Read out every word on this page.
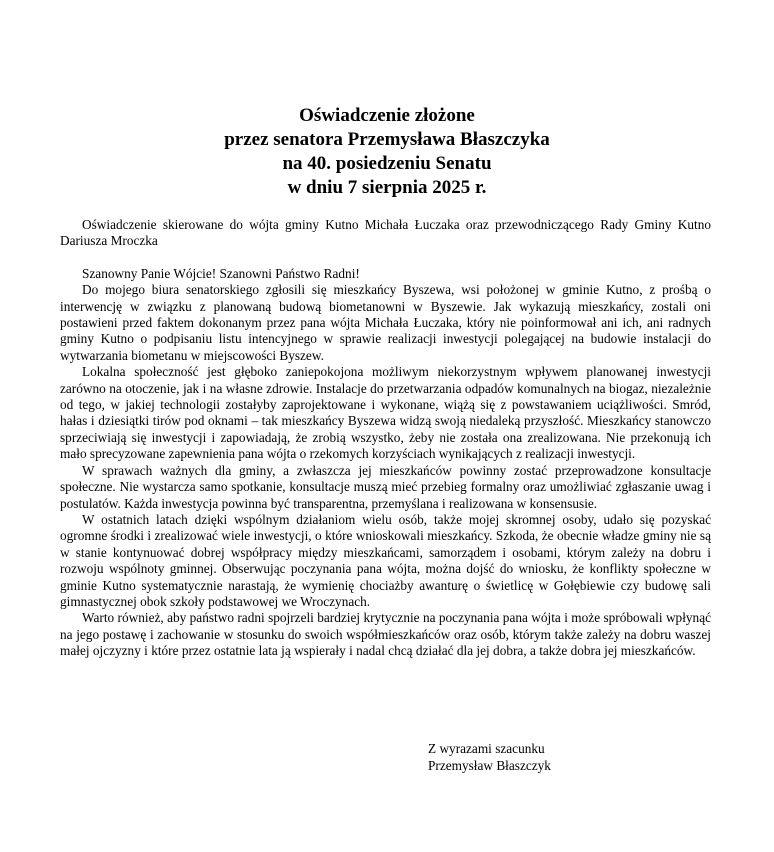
Oświadczenie złożone
przez senatora Przemysława Błaszczyka
na 40. posiedzeniu Senatu
w dniu 7 sierpnia 2025 r.

Oświadczenie skierowane do wójta gminy Kutno Michała Łuczaka oraz przewodniczącego Rady Gminy Kutno Dariusza Mroczka

Szanowny Panie Wójcie! Szanowni Państwo Radni!

Do mojego biura senatorskiego zgłosili się mieszkańcy Byszewa, wsi położonej w gminie Kutno, z prośbą o interwencję w związku z planowaną budową biometanowni w Byszewie. Jak wykazują mieszkańcy, zostali oni postawieni przed faktem dokonanym przez pana wójta Michała Łuczaka, który nie poinformował ani ich, ani radnych gminy Kutno o podpisaniu listu intencyjnego w sprawie realizacji inwestycji polegającej na budowie instalacji do wytwarzania biometanu w miejscowości Byszew.

Lokalna społeczność jest głęboko zaniepokojona możliwym niekorzystnym wpływem planowanej inwestycji zarówno na otoczenie, jak i na własne zdrowie. Instalacje do przetwarzania odpadów komunalnych na biogaz, niezależnie od tego, w jakiej technologii zostałyby zaprojektowane i wykonane, wiążą się z powstawaniem uciążliwości. Smród, hałas i dziesiątki tirów pod oknami – tak mieszkańcy Byszewa widzą swoją niedaleką przyszłość. Mieszkańcy stanowczo sprzeciwiają się inwestycji i zapowiadają, że zrobią wszystko, żeby nie została ona zrealizowana. Nie przekonują ich mało sprecyzowane zapewnienia pana wójta o rzekomych korzyściach wynikających z realizacji inwestycji.

W sprawach ważnych dla gminy, a zwłaszcza jej mieszkańców powinny zostać przeprowadzone konsultacje społeczne. Nie wystarcza samo spotkanie, konsultacje muszą mieć przebieg formalny oraz umożliwiać zgłaszanie uwag i postulatów. Każda inwestycja powinna być transparentna, przemyślana i realizowana w konsensusie.

W ostatnich latach dzięki wspólnym działaniom wielu osób, także mojej skromnej osoby, udało się pozyskać ogromne środki i zrealizować wiele inwestycji, o które wnioskowali mieszkańcy. Szkoda, że obecnie władze gminy nie są w stanie kontynuować dobrej współpracy między mieszkańcami, samorządem i osobami, którym zależy na dobru i rozwoju wspólnoty gminnej. Obserwując poczynania pana wójta, można dojść do wniosku, że konflikty społeczne w gminie Kutno systematycznie narastają, że wymienię chociażby awanturę o świetlicę w Gołębiewie czy budowę sali gimnastycznej obok szkoły podstawowej we Wroczynach.

Warto również, aby państwo radni spojrzeli bardziej krytycznie na poczynania pana wójta i może spróbowali wpłynąć na jego postawę i zachowanie w stosunku do swoich współmieszkańców oraz osób, którym także zależy na dobru waszej małej ojczyzny i które przez ostatnie lata ją wspierały i nadal chcą działać dla jej dobra, a także dobra jej mieszkańców.

Z wyrazami szacunku
Przemysław Błaszczyk
